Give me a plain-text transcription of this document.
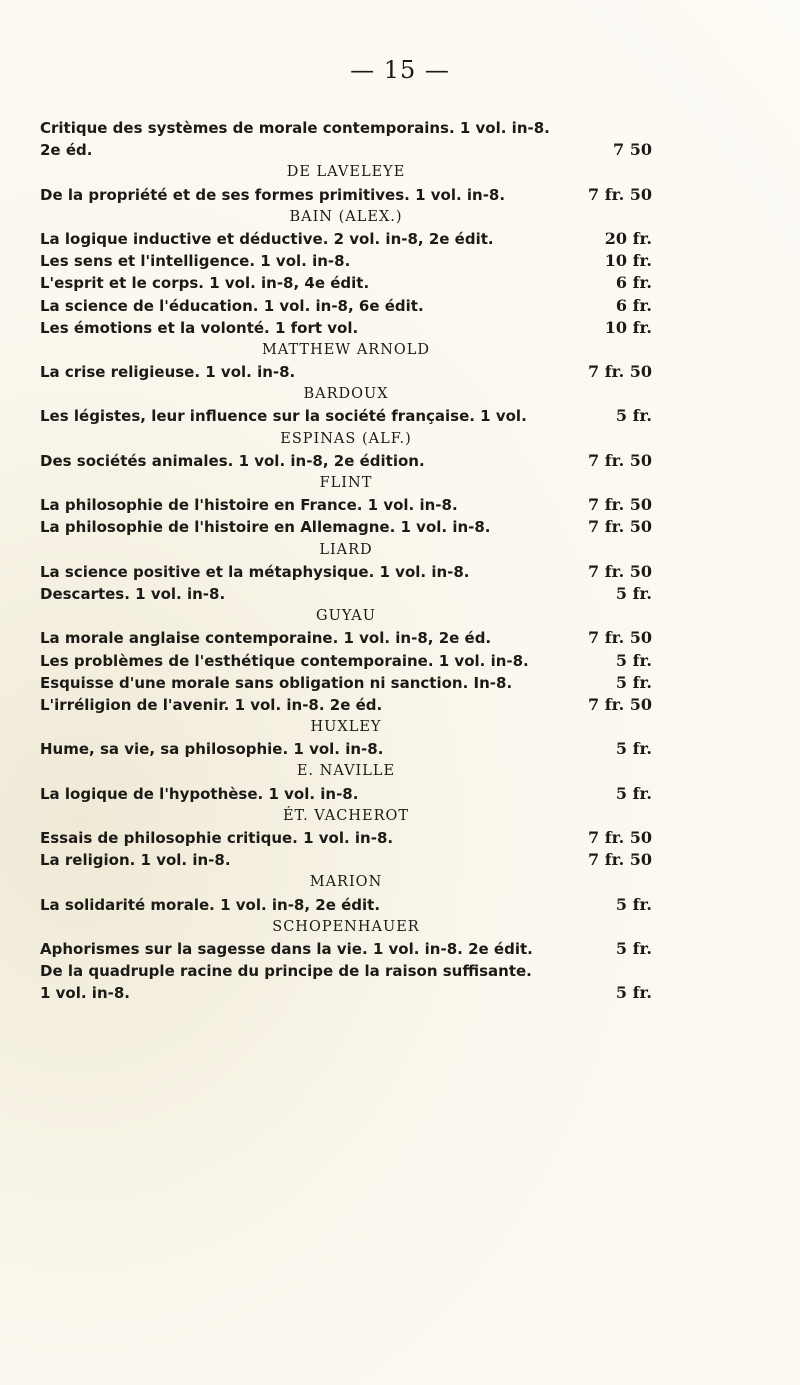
— 15 —
Critique des systèmes de morale contemporains. 1 vol. in-8.
2e éd.	7 50
DE LAVELEYE
De la propriété et de ses formes primitives. 1 vol. in-8.	7 fr. 50
BAIN (ALEX.)
La logique inductive et déductive. 2 vol. in-8, 2e édit.	20 fr.
Les sens et l'intelligence. 1 vol. in-8.	10 fr.
L'esprit et le corps. 1 vol. in-8, 4e édit.	6 fr.
La science de l'éducation. 1 vol. in-8, 6e édit.	6 fr.
Les émotions et la volonté. 1 fort vol.	10 fr.
MATTHEW ARNOLD
La crise religieuse. 1 vol. in-8.	7 fr. 50
BARDOUX
Les légistes, leur influence sur la société française. 1 vol.	5 fr.
ESPINAS (ALF.)
Des sociétés animales. 1 vol. in-8, 2e édition.	7 fr. 50
FLINT
La philosophie de l'histoire en France. 1 vol. in-8.	7 fr. 50
La philosophie de l'histoire en Allemagne. 1 vol. in-8.	7 fr. 50
LIARD
La science positive et la métaphysique. 1 vol. in-8.	7 fr. 50
Descartes. 1 vol. in-8.	5 fr.
GUYAU
La morale anglaise contemporaine. 1 vol. in-8, 2e éd.	7 fr. 50
Les problèmes de l'esthétique contemporaine. 1 vol. in-8.	5 fr.
Esquisse d'une morale sans obligation ni sanction. In-8.	5 fr.
L'irréligion de l'avenir. 1 vol. in-8. 2e éd.	7 fr. 50
HUXLEY
Hume, sa vie, sa philosophie. 1 vol. in-8.	5 fr.
E. NAVILLE
La logique de l'hypothèse. 1 vol. in-8.	5 fr.
ÉT. VACHEROT
Essais de philosophie critique. 1 vol. in-8.	7 fr. 50
La religion. 1 vol. in-8.	7 fr. 50
MARION
La solidarité morale. 1 vol. in-8, 2e édit.	5 fr.
SCHOPENHAUER
Aphorismes sur la sagesse dans la vie. 1 vol. in-8. 2e édit.	5 fr.
De la quadruple racine du principe de la raison suffisante.
1 vol. in-8.	5 fr.
